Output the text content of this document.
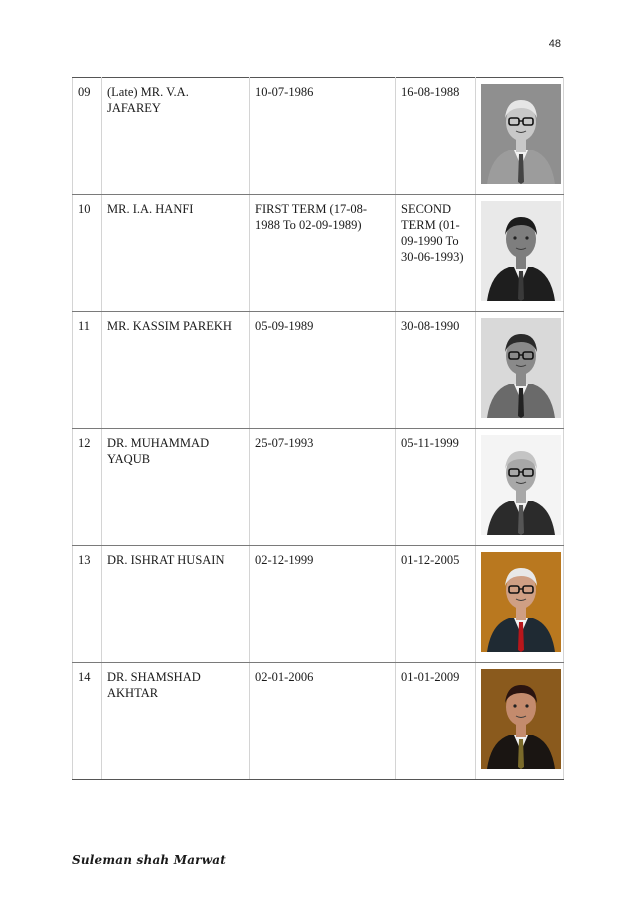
48
09	(Late) MR. V.A. JAFAREY	10-07-1986	16-08-1988	

10	MR. I.A. HANFI	FIRST TERM (17-08-1988 To 02-09-1989)	SECOND TERM (01-09-1990 To 30-06-1993)	

11	MR. KASSIM PAREKH	05-09-1989	30-08-1990	

12	DR. MUHAMMAD YAQUB	25-07-1993	05-11-1999	

13	DR. ISHRAT HUSAIN	02-12-1999	01-12-2005	

14	DR. SHAMSHAD AKHTAR	02-01-2006	01-01-2009	
Suleman shah Marwat
